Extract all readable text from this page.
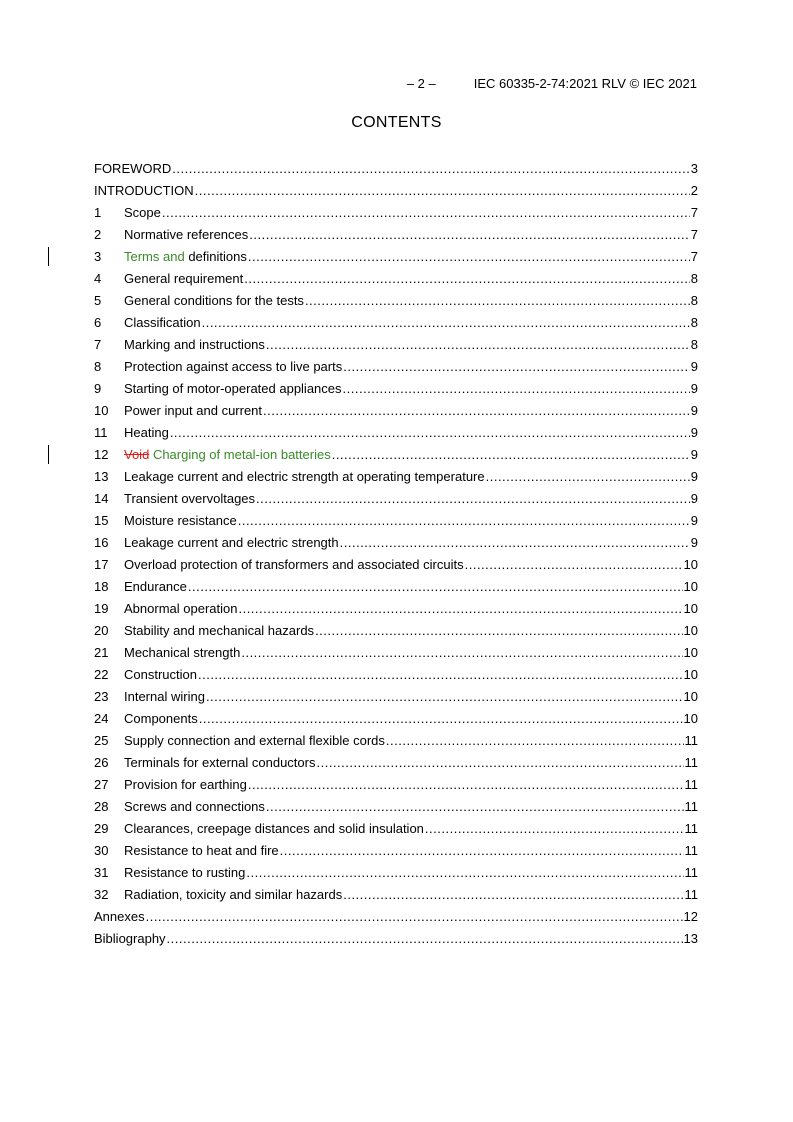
– 2 –	IEC 60335-2-74:2021 RLV © IEC 2021
CONTENTS
FOREWORD .....	3
INTRODUCTION .....	2
1	Scope .....	7
2	Normative references .....	7
3	Terms and definitions .....	7
4	General requirement .....	8
5	General conditions for the tests .....	8
6	Classification .....	8
7	Marking and instructions .....	8
8	Protection against access to live parts .....	9
9	Starting of motor-operated appliances .....	9
10	Power input and current .....	9
11	Heating .....	9
12	Void Charging of metal-ion batteries .....	9
13	Leakage current and electric strength at operating temperature .....	9
14	Transient overvoltages .....	9
15	Moisture resistance .....	9
16	Leakage current and electric strength .....	9
17	Overload protection of transformers and associated circuits .....	10
18	Endurance .....	10
19	Abnormal operation .....	10
20	Stability and mechanical hazards .....	10
21	Mechanical strength .....	10
22	Construction .....	10
23	Internal wiring .....	10
24	Components .....	10
25	Supply connection and external flexible cords .....	11
26	Terminals for external conductors .....	11
27	Provision for earthing .....	11
28	Screws and connections .....	11
29	Clearances, creepage distances and solid insulation .....	11
30	Resistance to heat and fire .....	11
31	Resistance to rusting .....	11
32	Radiation, toxicity and similar hazards .....	11
Annexes .....	12
Bibliography .....	13
